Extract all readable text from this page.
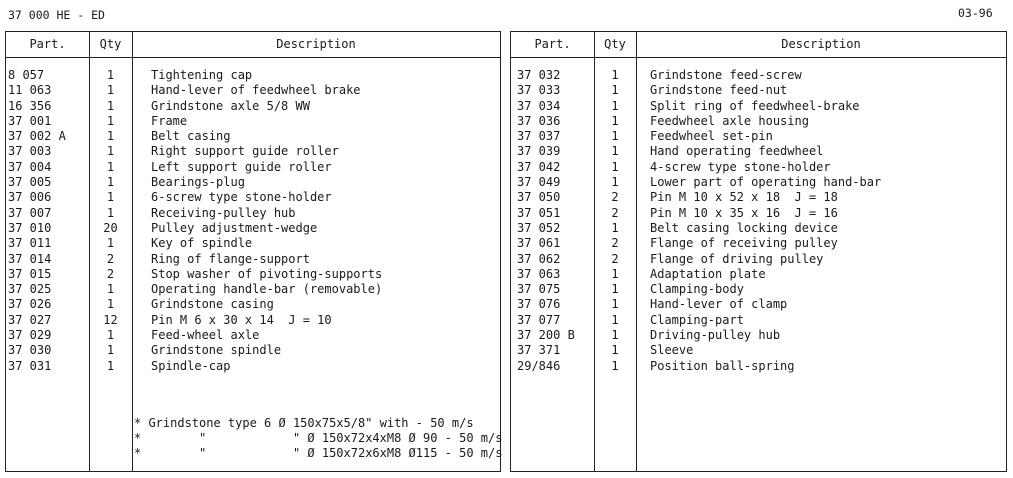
37 000 HE - ED	03-96
Part.	Qty	Description
8 057	1	Tightening cap
11 063	1	Hand-lever of feedwheel brake
16 356	1	Grindstone axle 5/8 WW
37 001	1	Frame
37 002 A	1	Belt casing
37 003	1	Right support guide roller
37 004	1	Left support guide roller
37 005	1	Bearings-plug
37 006	1	6-screw type stone-holder
37 007	1	Receiving-pulley hub
37 010	20	Pulley adjustment-wedge
37 011	1	Key of spindle
37 014	2	Ring of flange-support
37 015	2	Stop washer of pivoting-supports
37 025	1	Operating handle-bar (removable)
37 026	1	Grindstone casing
37 027	12	Pin M 6 x 30 x 14  J = 10
37 029	1	Feed-wheel axle
37 030	1	Grindstone spindle
37 031	1	Spindle-cap
* Grindstone type 6 Ø 150x75x5/8" with - 50 m/s
*        "            " Ø 150x72x4xM8 Ø 90 - 50 m/s
*        "            " Ø 150x72x6xM8 Ø115 - 50 m/s
Part.	Qty	Description
37 032	1	Grindstone feed-screw
37 033	1	Grindstone feed-nut
37 034	1	Split ring of feedwheel-brake
37 036	1	Feedwheel axle housing
37 037	1	Feedwheel set-pin
37 039	1	Hand operating feedwheel
37 042	1	4-screw type stone-holder
37 049	1	Lower part of operating hand-bar
37 050	2	Pin M 10 x 52 x 18  J = 18
37 051	2	Pin M 10 x 35 x 16  J = 16
37 052	1	Belt casing locking device
37 061	2	Flange of receiving pulley
37 062	2	Flange of driving pulley
37 063	1	Adaptation plate
37 075	1	Clamping-body
37 076	1	Hand-lever of clamp
37 077	1	Clamping-part
37 200 B	1	Driving-pulley hub
37 371	1	Sleeve
29/846	1	Position ball-spring
